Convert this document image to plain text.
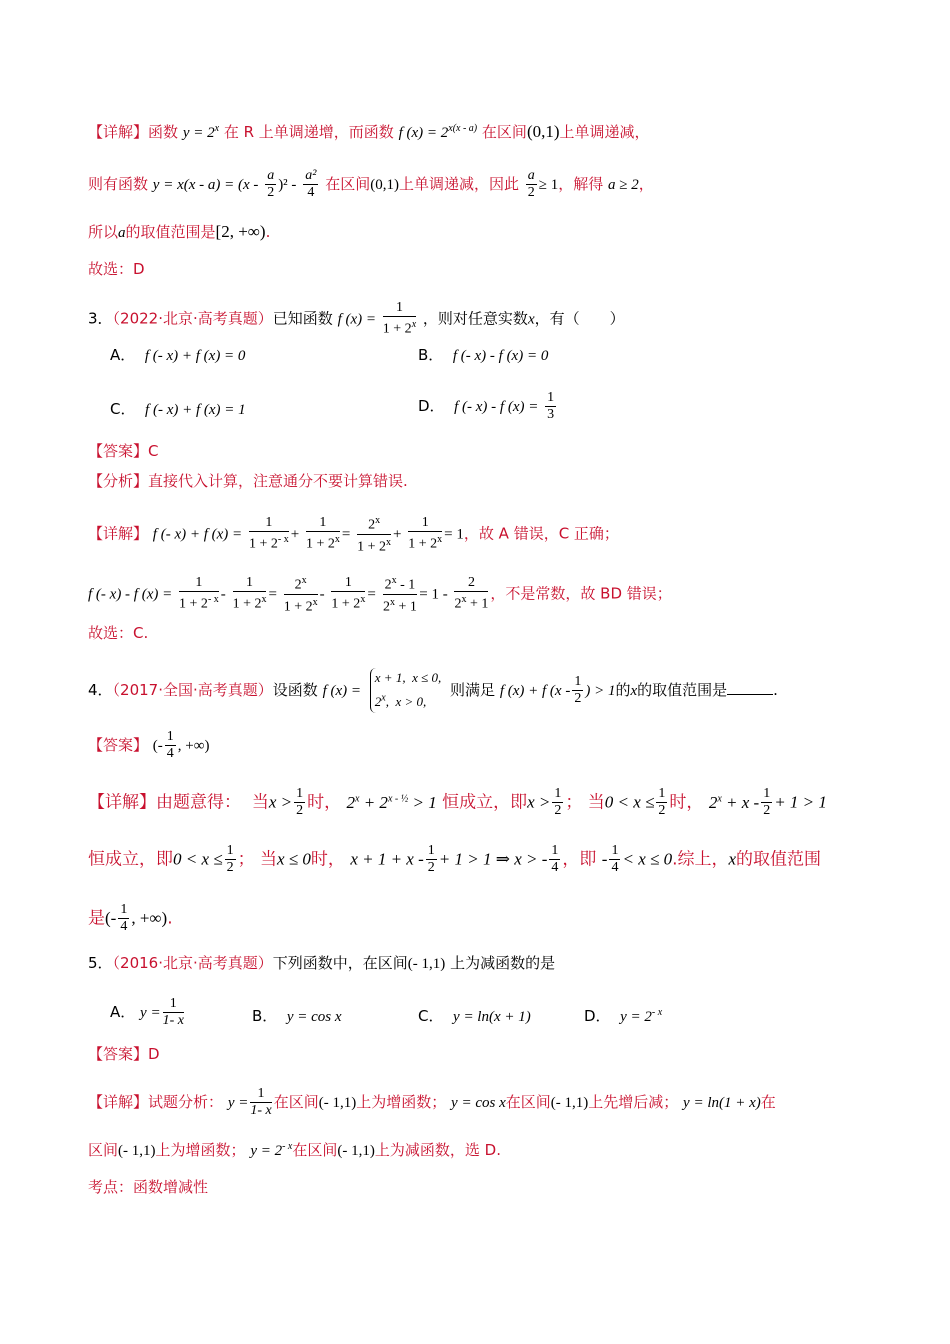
【详解】函数 $y = 2^x$ 在 R 上单调递增，而函数 f $(x) = 2^{x(x - a)}$ 在区间(0,1)上单调递减，
则有函数 $y = x(x - a) = (x - \frac{a}{2} )^2 - \frac{\text{a²}}{4}$ 在区间(0,1)上单调递减，因此 $\frac{a}{2} \ge 1$，解得 a ≥ 2，
所以a的取值范围是[2, +∞).
故选：D
3．（2022·北京·高考真题）已知函数 f $(x) = \frac{1}{1 + 2^x}$ ，则对任意实数x，有（　　）
A． f (- x) + f (x) = 0	B． f (- x) - f (x) = 0
C． f (- x) + f (x) = 1	D． f (- x) - f $(x) = \frac{1}{3}$
【答案】C
【分析】直接代入计算，注意通分不要计算错误.
【详解】 f (- x) + f $(x) = \frac{1}{1 + 2^{- x}} + \frac{1}{1 + 2^x} = \frac{2^x}{1 + 2^x} + \frac{1}{1 + 2^x} = 1$，故 A 错误，C 正确；
f (- x) - f $(x) = \frac{1}{1 + 2^{- x}} - \frac{1}{1 + 2^x} = \frac{2^x}{1 + 2^x} - \frac{1}{1 + 2^x} = \frac{2^x - 1}{2^x + 1} = 1 - \frac{2}{2^x + 1}$ ，不是常数，故 BD 错误；
故选：C.
4．（2017·全国·高考真题）设函数 f (x) = x + 1,  x ≤ 0,
2$^x$,  x > 0, 则满足 f (x) + f ($x - \frac{1}{2}$ ) > 1的x的取值范围是	.
【答案】 (- $\frac{1}{4}$ , +∞)
【详解】由题意得： 当$x > \frac{1}{2}$ 时， $2^x + 2^{x - \frac{1}{2}} > 1$ 恒成立，即$x > \frac{1}{2}$ ； 当$0 < x \le \frac{1}{2}$ 时， $2^x + x - \frac{1}{2} + 1 > 1$
恒成立，即$0 < x \le \frac{1}{2}$ ； 当x ≤ 0时， $x + 1 + x - \frac{1}{2} + 1 > 1$ ⇒ x > - $\frac{1}{4}$ ，即 - $\frac{1}{4} < x \le 0$.综上，x的取值范围
是(- $\frac{1}{4}$ , +∞).
5．（2016·北京·高考真题）下列函数中，在区间(- 1,1) 上为减函数的是
A． $y = \frac{1}{1- x}$	B． y = cos x	C． y = ln(x + 1)	D． $y = 2^{- x}$
【答案】D
【详解】试题分析： $y = \frac{1}{1- x}$ 在区间(- 1,1)上为增函数； y = cos x在区间(- 1,1)上先增后减； y = ln(1 + x)在
区间(- 1,1)上为增函数； $y = 2^{- x}$在区间(- 1,1)上为减函数，选 D.
考点：函数增减性
